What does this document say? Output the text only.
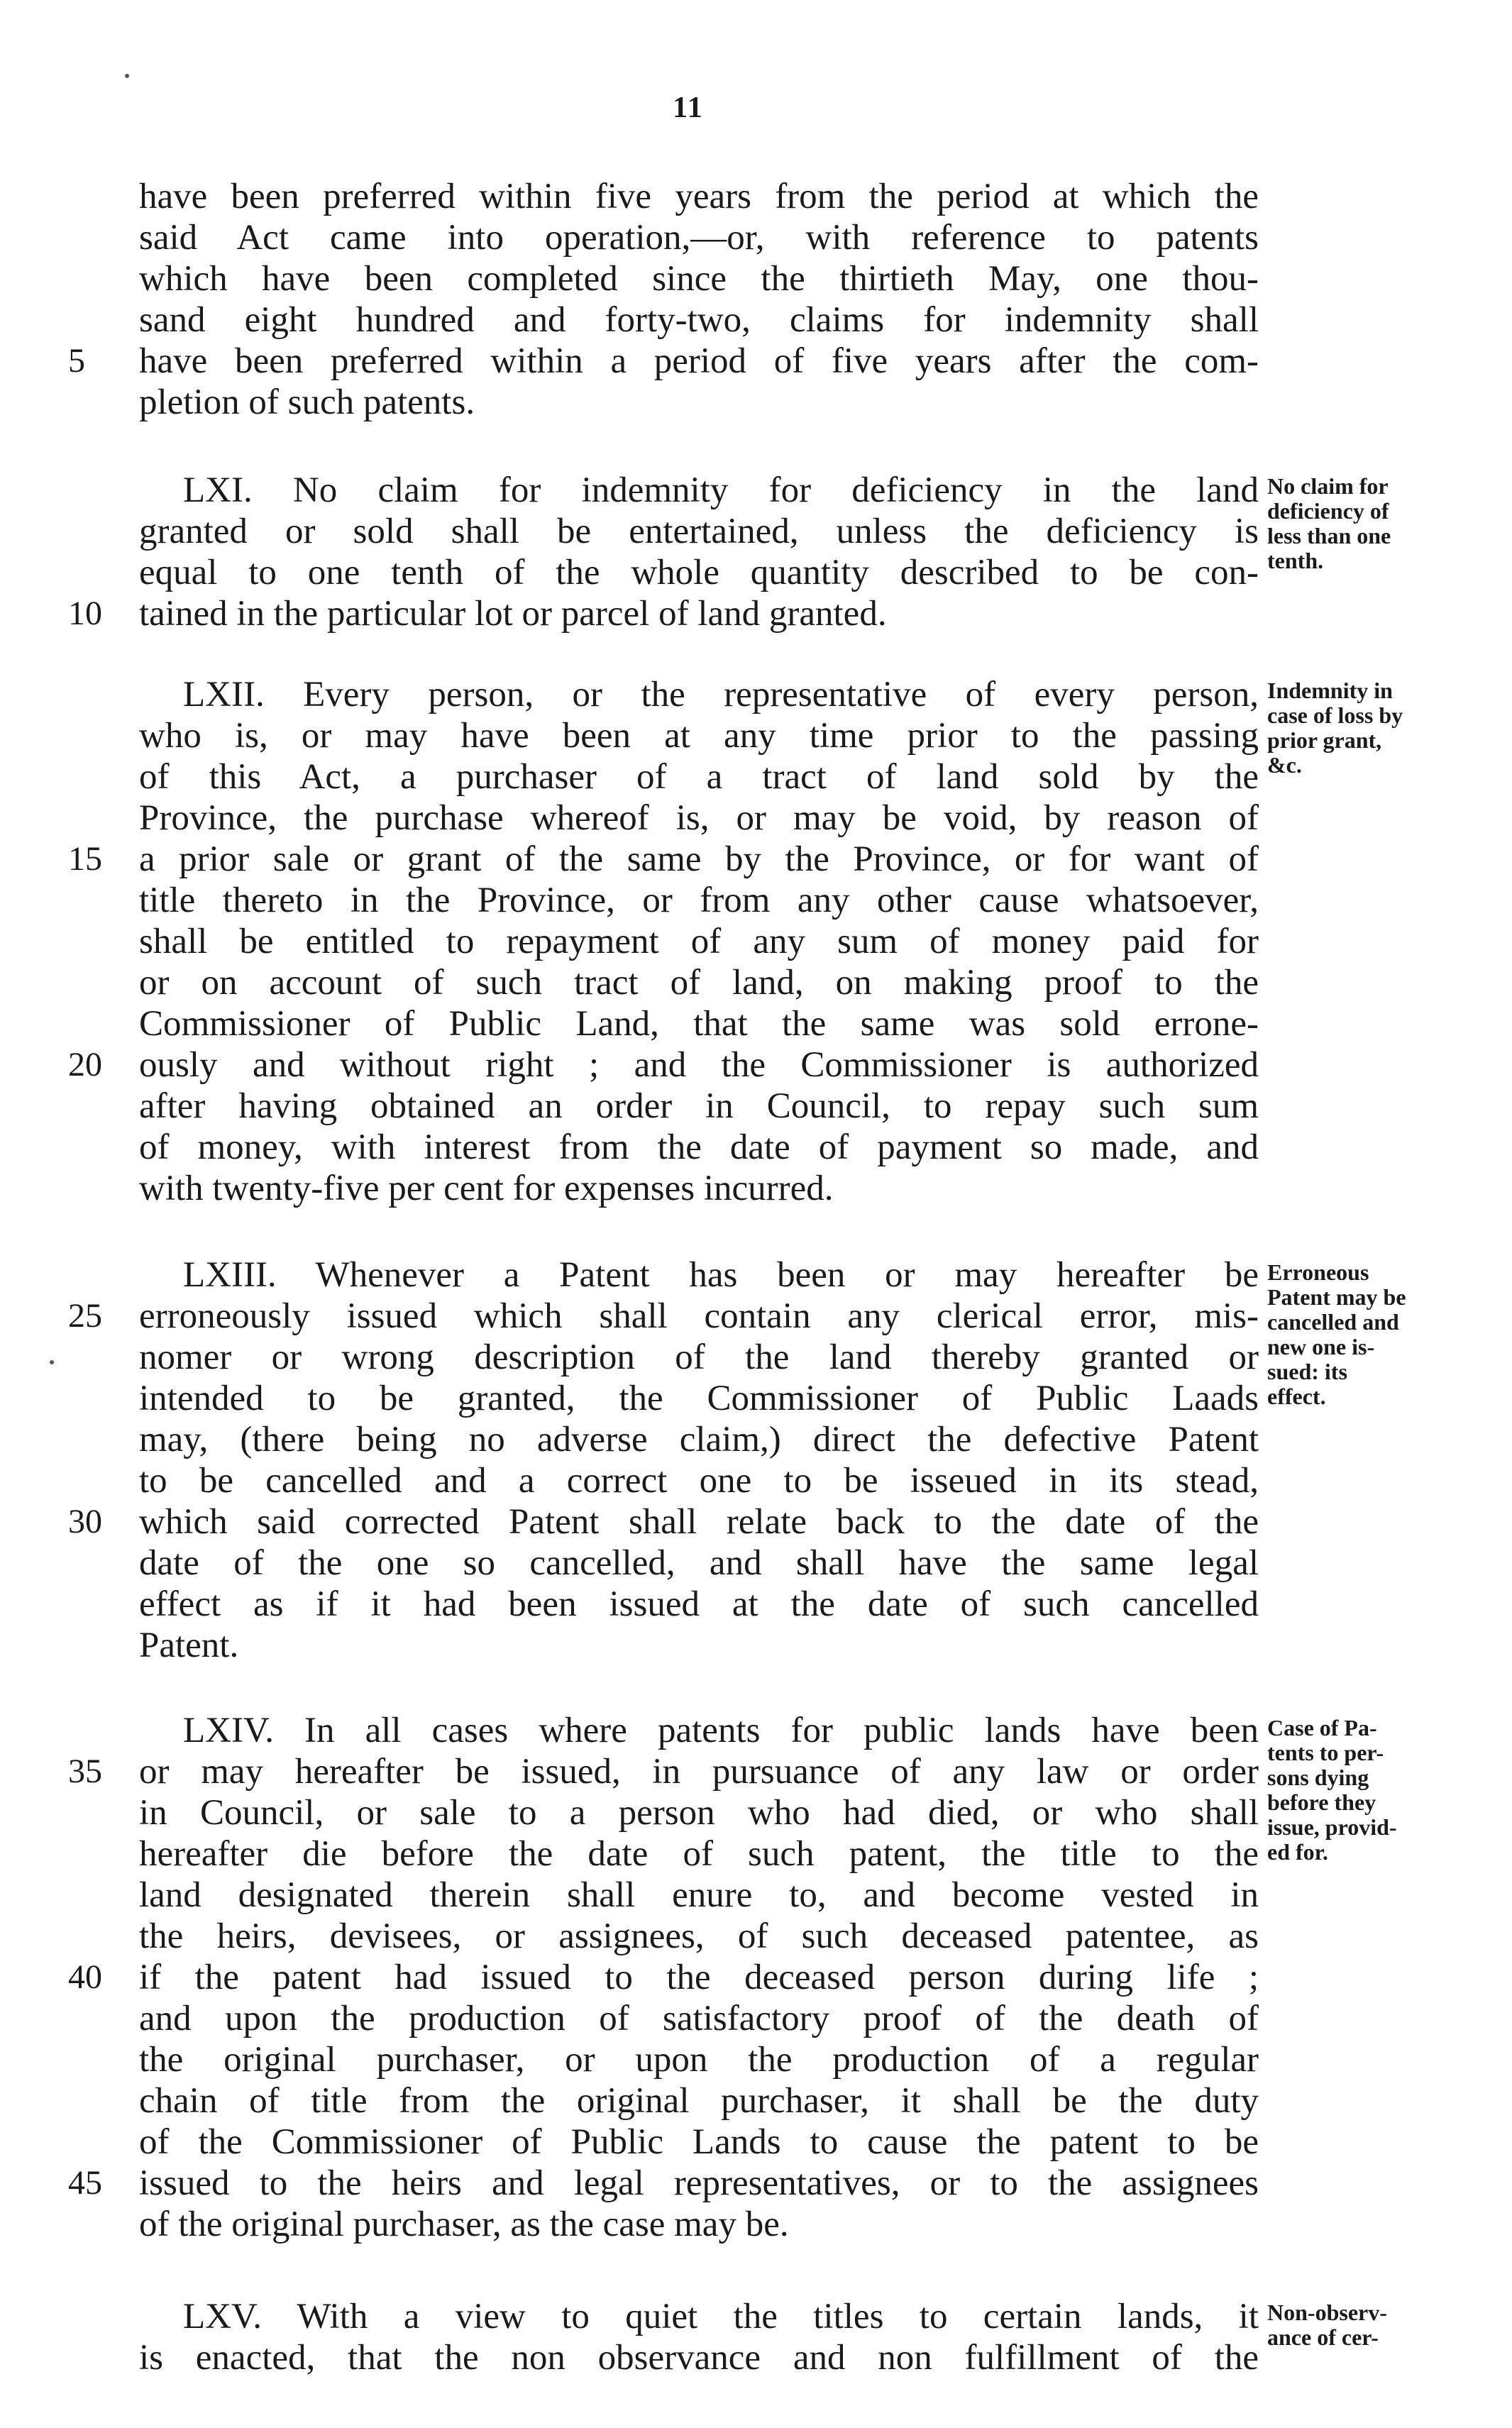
11
have been preferred within five years from the period at which the
said Act came into operation,—or, with reference to patents
which have been completed since the thirtieth May, one thou-
sand eight hundred and forty-two, claims for indemnity shall
5	have been preferred within a period of five years after the com-
pletion of such patents.
LXI. No claim for indemnity for deficiency in the land
granted or sold shall be entertained, unless the deficiency is
equal to one tenth of the whole quantity described to be con-
10	tained in the particular lot or parcel of land granted.
No claim for
deficiency of
less than one
tenth.
LXII. Every person, or the representative of every person,
who is, or may have been at any time prior to the passing
of this Act, a purchaser of a tract of land sold by the
Province, the purchase whereof is, or may be void, by reason of
15	a prior sale or grant of the same by the Province, or for want of
title thereto in the Province, or from any other cause whatsoever,
shall be entitled to repayment of any sum of money paid for
or on account of such tract of land, on making proof to the
Commissioner of Public Land, that the same was sold errone-
20	ously and without right ; and the Commissioner is authorized
after having obtained an order in Council, to repay such sum
of money, with interest from the date of payment so made, and
with twenty-five per cent for expenses incurred.
Indemnity in
case of loss by
prior grant,
&c.
LXIII. Whenever a Patent has been or may hereafter be
25	erroneously issued which shall contain any clerical error, mis-
nomer or wrong description of the land thereby granted or
intended to be granted, the Commissioner of Public Laads
may, (there being no adverse claim,) direct the defective Patent
to be cancelled and a correct one to be isseued in its stead,
30	which said corrected Patent shall relate back to the date of the
date of the one so cancelled, and shall have the same legal
effect as if it had been issued at the date of such cancelled
Patent.
Erroneous
Patent may be
cancelled and
new one is-
sued: its
effect.
LXIV. In all cases where patents for public lands have been
35	or may hereafter be issued, in pursuance of any law or order
in Council, or sale to a person who had died, or who shall
hereafter die before the date of such patent, the title to the
land designated therein shall enure to, and become vested in
the heirs, devisees, or assignees, of such deceased patentee, as
40	if the patent had issued to the deceased person during life ;
and upon the production of satisfactory proof of the death of
the original purchaser, or upon the production of a regular
chain of title from the original purchaser, it shall be the duty
of the Commissioner of Public Lands to cause the patent to be
45	issued to the heirs and legal representatives, or to the assignees
of the original purchaser, as the case may be.
Case of Pa-
tents to per-
sons dying
before they
issue, provid-
ed for.
LXV. With a view to quiet the titles to certain lands, it
is enacted, that the non observance and non fulfillment of the
Non-observ-
ance of cer-
